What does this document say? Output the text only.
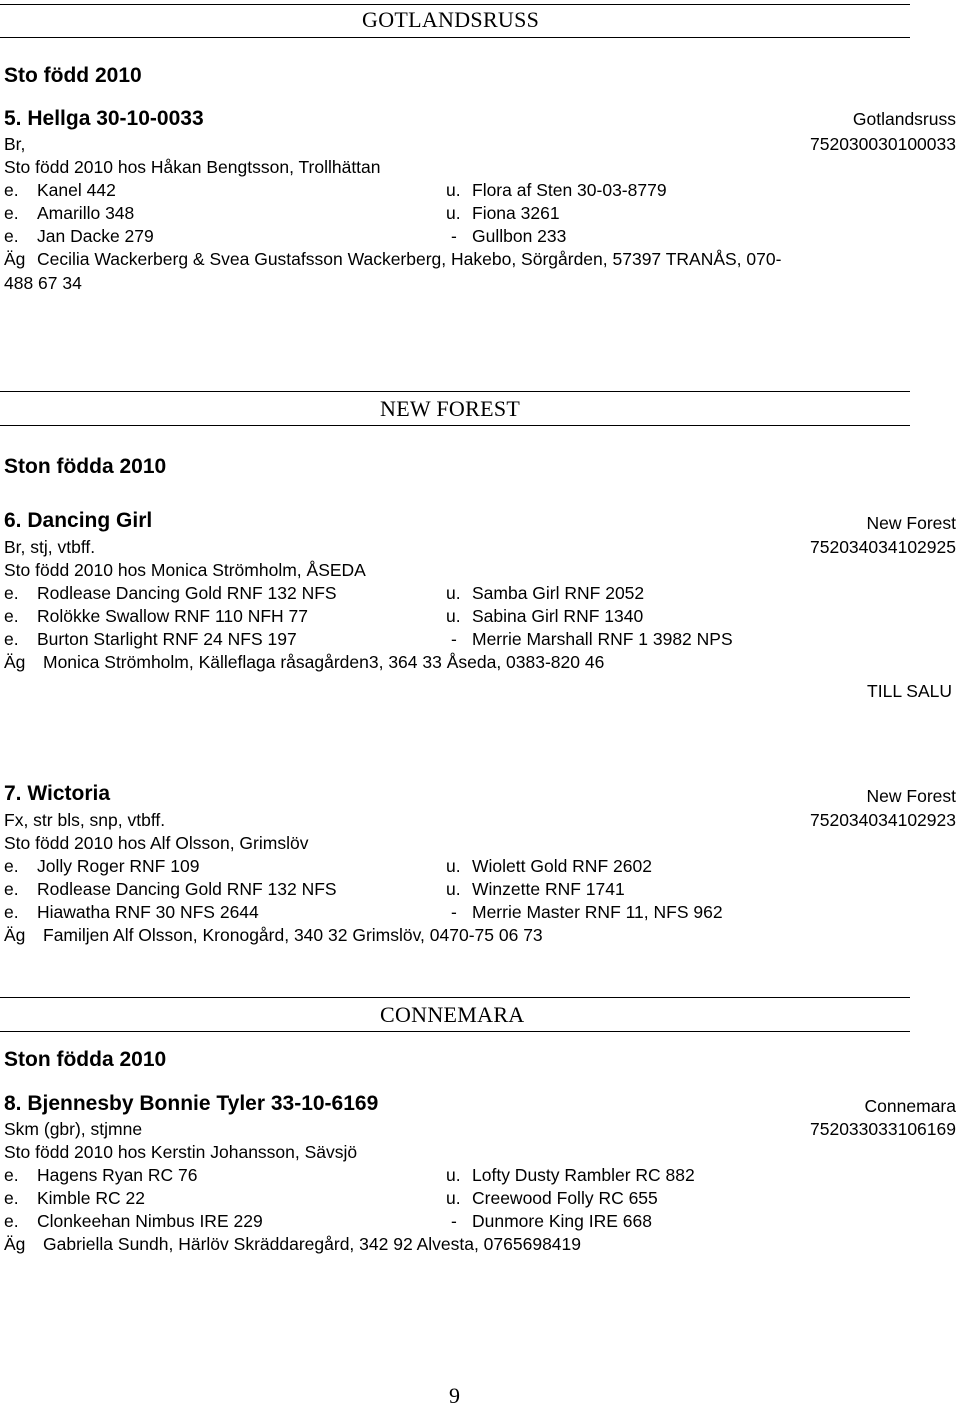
GOTLANDSRUSS
Sto född 2010
5. Hellga 30-10-0033	Gotlandsruss
Br,	752030030100033
Sto född 2010 hos Håkan Bengtsson, Trollhättan
e. Kanel 442	u. Flora af Sten 30-03-8779
e. Amarillo 348	u. Fiona 3261
e. Jan Dacke 279	- Gullbon 233
Äg Cecilia Wackerberg & Svea Gustafsson Wackerberg, Hakebo, Sörgården, 57397 TRANÅS, 070-
488 67 34
NEW FOREST
Ston födda 2010
6. Dancing Girl	New Forest
Br, stj, vtbff.	752034034102925
Sto född 2010 hos Monica Strömholm, ÅSEDA
e. Rodlease Dancing Gold RNF 132 NFS	u. Samba Girl RNF 2052
e. Rolökke Swallow RNF 110 NFH 77	u. Sabina Girl RNF 1340
e. Burton Starlight RNF 24 NFS 197	- Merrie Marshall RNF 1 3982 NPS
Äg Monica Strömholm, Källeflaga råsagården3, 364 33 Åseda, 0383-820 46
TILL SALU
7. Wictoria	New Forest
Fx, str bls, snp, vtbff.	752034034102923
Sto född 2010 hos Alf Olsson, Grimslöv
e. Jolly Roger RNF 109	u. Wiolett Gold RNF 2602
e. Rodlease Dancing Gold RNF 132 NFS	u. Winzette RNF 1741
e. Hiawatha RNF 30 NFS 2644	- Merrie Master RNF 11, NFS 962
Äg Familjen Alf Olsson, Kronogård, 340 32 Grimslöv, 0470-75 06 73
CONNEMARA
Ston födda 2010
8. Bjennesby Bonnie Tyler 33-10-6169	Connemara
Skm (gbr), stjmne	752033033106169
Sto född 2010 hos Kerstin Johansson, Sävsjö
e. Hagens Ryan RC 76	u. Lofty Dusty Rambler RC 882
e. Kimble RC 22	u. Creewood Folly RC 655
e. Clonkeehan Nimbus IRE 229	- Dunmore King IRE 668
Äg Gabriella Sundh, Härlöv Skräddaregård, 342 92 Alvesta, 0765698419
9
